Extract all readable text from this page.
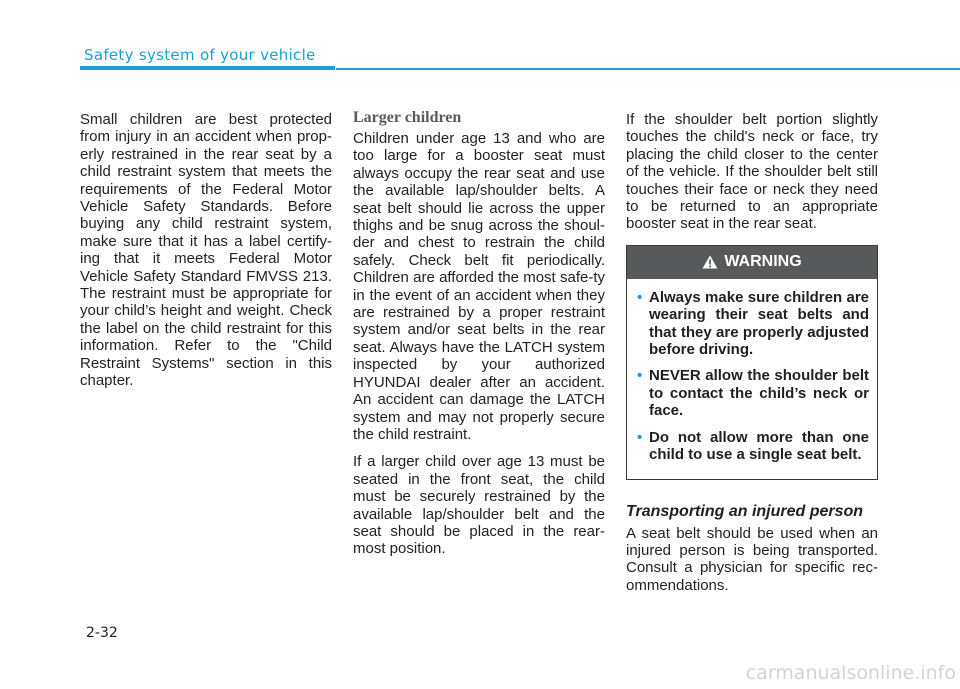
Safety system of your vehicle

Small children are best protected from injury in an accident when prop-erly restrained in the rear seat by a child restraint system that meets the requirements of the Federal Motor Vehicle Safety Standards. Before buying any child restraint system, make sure that it has a label certify-ing that it meets Federal Motor Vehicle Safety Standard FMVSS 213. The restraint must be appropriate for your child’s height and weight. Check the label on the child restraint for this information. Refer to the "Child Restraint Systems" section in this chapter.

Larger children

Children under age 13 and who are too large for a booster seat must always occupy the rear seat and use the available lap/shoulder belts. A seat belt should lie across the upper thighs and be snug across the shoul-der and chest to restrain the child safely. Check belt fit periodically. Children are afforded the most safe-ty in the event of an accident when they are restrained by a proper restraint system and/or seat belts in the rear seat. Always have the LATCH system inspected by your authorized HYUNDAI dealer after an accident. An accident can damage the LATCH system and may not properly secure the child restraint.

If a larger child over age 13 must be seated in the front seat, the child must be securely restrained by the available lap/shoulder belt and the seat should be placed in the rear-most position.

If the shoulder belt portion slightly touches the child's neck or face, try placing the child closer to the center of the vehicle. If the shoulder belt still touches their face or neck they need to be returned to an appropriate booster seat in the rear seat.

WARNING
• Always make sure children are wearing their seat belts and that they are properly adjusted before driving.
• NEVER allow the shoulder belt to contact the child’s neck or face.
• Do not allow more than one child to use a single seat belt.
Transporting an injured person

A seat belt should be used when an injured person is being transported. Consult a physician for specific rec-ommendations.

2-32
carmanualsonline.info
